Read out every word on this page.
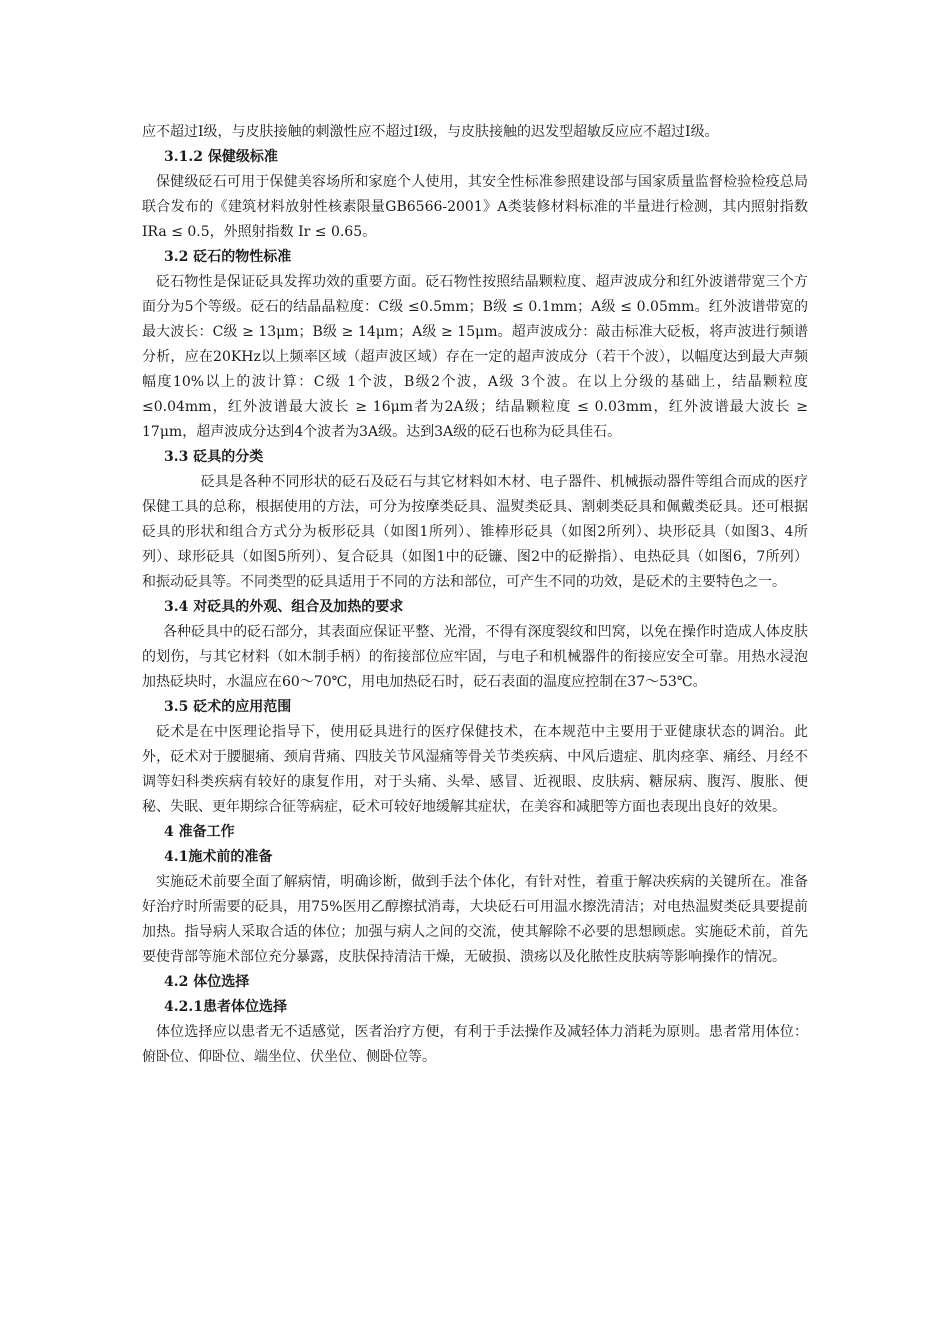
应不超过Ⅰ级，与皮肤接触的刺激性应不超过Ⅰ级，与皮肤接触的迟发型超敏反应应不超过Ⅰ级。

3.1.2 保健级标准

保健级砭石可用于保健美容场所和家庭个人使用，其安全性标准参照建设部与国家质量监督检验检疫总局联合发布的《建筑材料放射性核素限量GB6566-2001》A类装修材料标准的半量进行检测，其内照射指数 IRa ≤ 0.5，外照射指数 Ir ≤ 0.65。

3.2 砭石的物性标准

砭石物性是保证砭具发挥功效的重要方面。砭石物性按照结晶颗粒度、超声波成分和红外波谱带宽三个方面分为5个等级。砭石的结晶晶粒度：C级 ≤0.5mm；B级 ≤ 0.1mm；A级 ≤ 0.05mm。红外波谱带宽的最大波长：C级 ≥ 13μm；B级 ≥ 14μm；A级 ≥ 15μm。超声波成分：敲击标准大砭板，将声波进行频谱分析，应在20KHz以上频率区域（超声波区域）存在一定的超声波成分（若干个波），以幅度达到最大声频幅度10%以上的波计算：C级 1个波，B级2个波，A级 3个波。在以上分级的基础上，结晶颗粒度≤0.04mm，红外波谱最大波长 ≥ 16μm者为2A级；结晶颗粒度 ≤ 0.03mm，红外波谱最大波长 ≥ 17μm，超声波成分达到4个波者为3A级。达到3A级的砭石也称为砭具佳石。

3.3 砭具的分类

砭具是各种不同形状的砭石及砭石与其它材料如木材、电子器件、机械振动器件等组合而成的医疗保健工具的总称，根据使用的方法，可分为按摩类砭具、温熨类砭具、割刺类砭具和佩戴类砭具。还可根据砭具的形状和组合方式分为板形砭具（如图1所列）、锥棒形砭具（如图2所列）、块形砭具（如图3、4所列）、球形砭具（如图5所列）、复合砭具（如图1中的砭镰、图2中的砭擀指）、电热砭具（如图6，7所列）和振动砭具等。不同类型的砭具适用于不同的方法和部位，可产生不同的功效，是砭术的主要特色之一。

3.4 对砭具的外观、组合及加热的要求

各种砭具中的砭石部分，其表面应保证平整、光滑，不得有深度裂纹和凹窝，以免在操作时造成人体皮肤的划伤，与其它材料（如木制手柄）的衔接部位应牢固，与电子和机械器件的衔接应安全可靠。用热水浸泡加热砭块时，水温应在60～70℃，用电加热砭石时，砭石表面的温度应控制在37～53℃。

3.5 砭术的应用范围

砭术是在中医理论指导下，使用砭具进行的医疗保健技术，在本规范中主要用于亚健康状态的调治。此外，砭术对于腰腿痛、颈肩背痛、四肢关节风湿痛等骨关节类疾病、中风后遗症、肌肉痉挛、痛经、月经不调等妇科类疾病有较好的康复作用，对于头痛、头晕、感冒、近视眼、皮肤病、糖尿病、腹泻、腹胀、便秘、失眠、更年期综合征等病症，砭术可较好地缓解其症状，在美容和减肥等方面也表现出良好的效果。

4 准备工作
4.1施术前的准备

实施砭术前要全面了解病情，明确诊断，做到手法个体化，有针对性，着重于解决疾病的关键所在。准备好治疗时所需要的砭具，用75%医用乙醇擦拭消毒，大块砭石可用温水擦洗清洁；对电热温熨类砭具要提前加热。指导病人采取合适的体位；加强与病人之间的交流，使其解除不必要的思想顾虑。实施砭术前，首先要使背部等施术部位充分暴露，皮肤保持清洁干燥，无破损、溃疡以及化脓性皮肤病等影响操作的情况。

4.2 体位选择
4.2.1患者体位选择

体位选择应以患者无不适感觉，医者治疗方便，有利于手法操作及减轻体力消耗为原则。患者常用体位：俯卧位、仰卧位、端坐位、伏坐位、侧卧位等。
